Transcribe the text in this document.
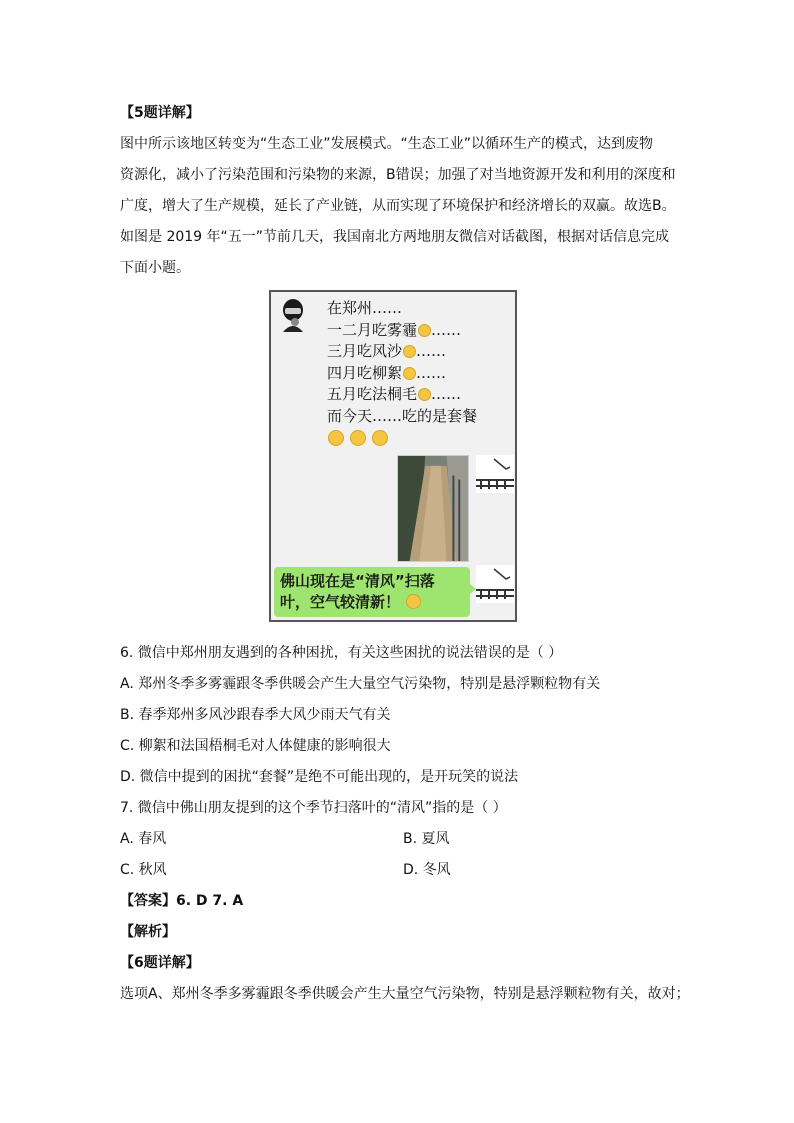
【5题详解】
图中所示该地区转变为“生态工业”发展模式。“生态工业”以循环生产的模式，达到废物
资源化，减小了污染范围和污染物的来源，B错误；加强了对当地资源开发和利用的深度和
广度，增大了生产规模，延长了产业链，从而实现了环境保护和经济增长的双赢。故选B。
如图是 2019 年“五一”节前几天，我国南北方两地朋友微信对话截图，根据对话信息完成
下面小题。
在郑州……
一二月吃雾霾 ……
三月吃风沙 ……
四月吃柳絮 ……
五月吃法桐毛 ……
而今天……吃的是套餐

佛山现在是“清风”扫落
叶，空气较清新！
6. 微信中郑州朋友遇到的各种困扰，有关这些困扰的说法错误的是（ ）
A. 郑州冬季多雾霾跟冬季供暖会产生大量空气污染物，特别是悬浮颗粒物有关
B. 春季郑州多风沙跟春季大风少雨天气有关
C. 柳絮和法国梧桐毛对人体健康的影响很大
D. 微信中提到的困扰“套餐”是绝不可能出现的，是开玩笑的说法
7. 微信中佛山朋友提到的这个季节扫落叶的“清风”指的是（ ）
A. 春风	B. 夏风
C. 秋风	D. 冬风
【答案】6. D 7. A
【解析】
【6题详解】
选项A、郑州冬季多雾霾跟冬季供暖会产生大量空气污染物，特别是悬浮颗粒物有关，故对；
